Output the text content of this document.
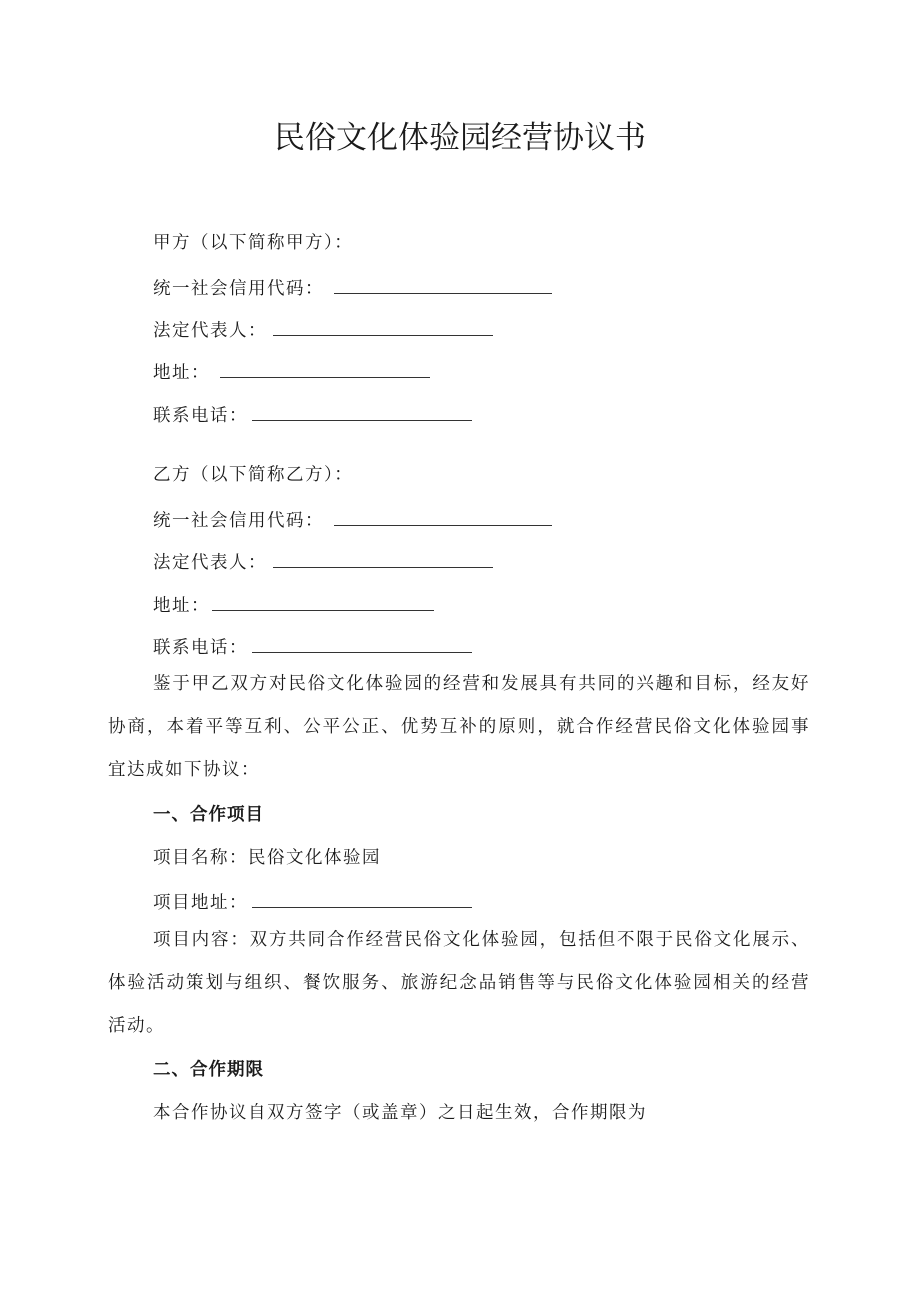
民俗文化体验园经营协议书
甲方（以下简称甲方）：
统一社会信用代码：
法定代表人：
地址：
联系电话：
乙方（以下简称乙方）：
统一社会信用代码：
法定代表人：
地址：
联系电话：
鉴于甲乙双方对民俗文化体验园的经营和发展具有共同的兴趣和目标，经友好协商，本着平等互利、公平公正、优势互补的原则，就合作经营民俗文化体验园事宜达成如下协议：
一、合作项目
项目名称：民俗文化体验园
项目地址：
项目内容：双方共同合作经营民俗文化体验园，包括但不限于民俗文化展示、体验活动策划与组织、餐饮服务、旅游纪念品销售等与民俗文化体验园相关的经营活动。
二、合作期限
本合作协议自双方签字（或盖章）之日起生效，合作期限为
